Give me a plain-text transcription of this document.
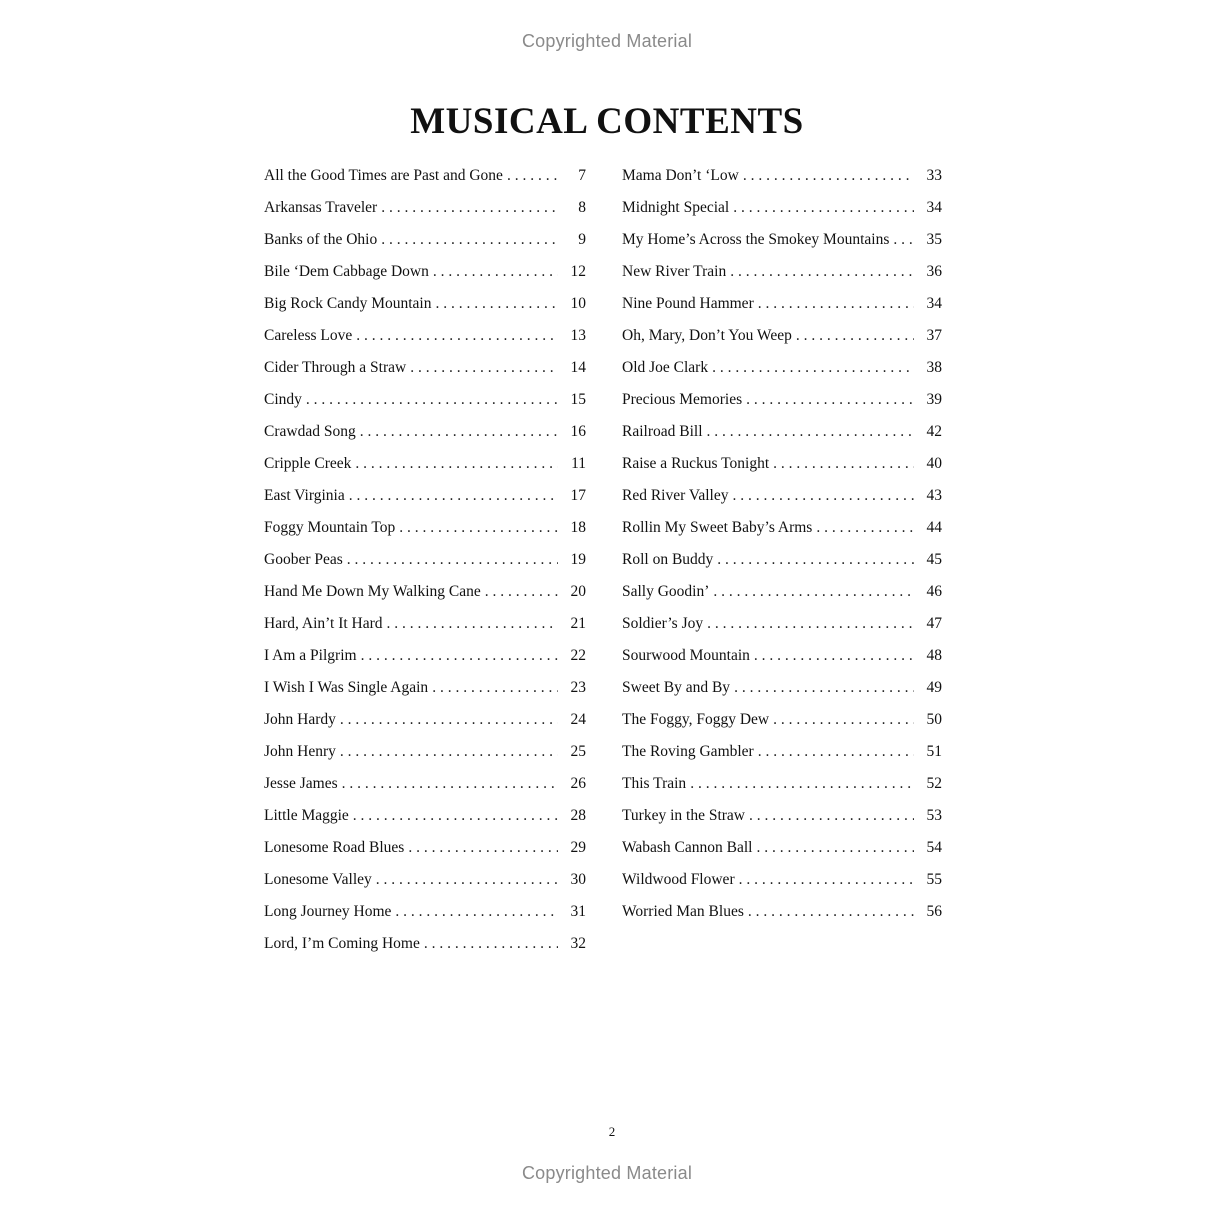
Copyrighted Material
MUSICAL CONTENTS
All the Good Times are Past and Gone . . .	7
Arkansas Traveler . . .	8
Banks of the Ohio . . .	9
Bile ‘Dem Cabbage Down . . .	12
Big Rock Candy Mountain . . .	10
Careless Love . . .	13
Cider Through a Straw . . .	14
Cindy . . .	15
Crawdad Song . . .	16
Cripple Creek . . .	11
East Virginia . . .	17
Foggy Mountain Top . . .	18
Goober Peas . . .	19
Hand Me Down My Walking Cane . . .	20
Hard, Ain’t It Hard . . .	21
I Am a Pilgrim . . .	22
I Wish I Was Single Again . . .	23
John Hardy . . .	24
John Henry . . .	25
Jesse James . . .	26
Little Maggie . . .	28
Lonesome Road Blues . . .	29
Lonesome Valley . . .	30
Long Journey Home . . .	31
Lord, I’m Coming Home . . .	32
Mama Don’t ‘Low . . .	33
Midnight Special . . .	34
My Home’s Across the Smokey Mountains . . .	35
New River Train . . .	36
Nine Pound Hammer . . .	34
Oh, Mary, Don’t You Weep . . .	37
Old Joe Clark . . .	38
Precious Memories . . .	39
Railroad Bill . . .	42
Raise a Ruckus Tonight . . .	40
Red River Valley . . .	43
Rollin My Sweet Baby’s Arms . . .	44
Roll on Buddy . . .	45
Sally Goodin’ . . .	46
Soldier’s Joy . . .	47
Sourwood Mountain . . .	48
Sweet By and By . . .	49
The Foggy, Foggy Dew . . .	50
The Roving Gambler . . .	51
This Train . . .	52
Turkey in the Straw . . .	53
Wabash Cannon Ball . . .	54
Wildwood Flower . . .	55
Worried Man Blues . . .	56
2
Copyrighted Material
